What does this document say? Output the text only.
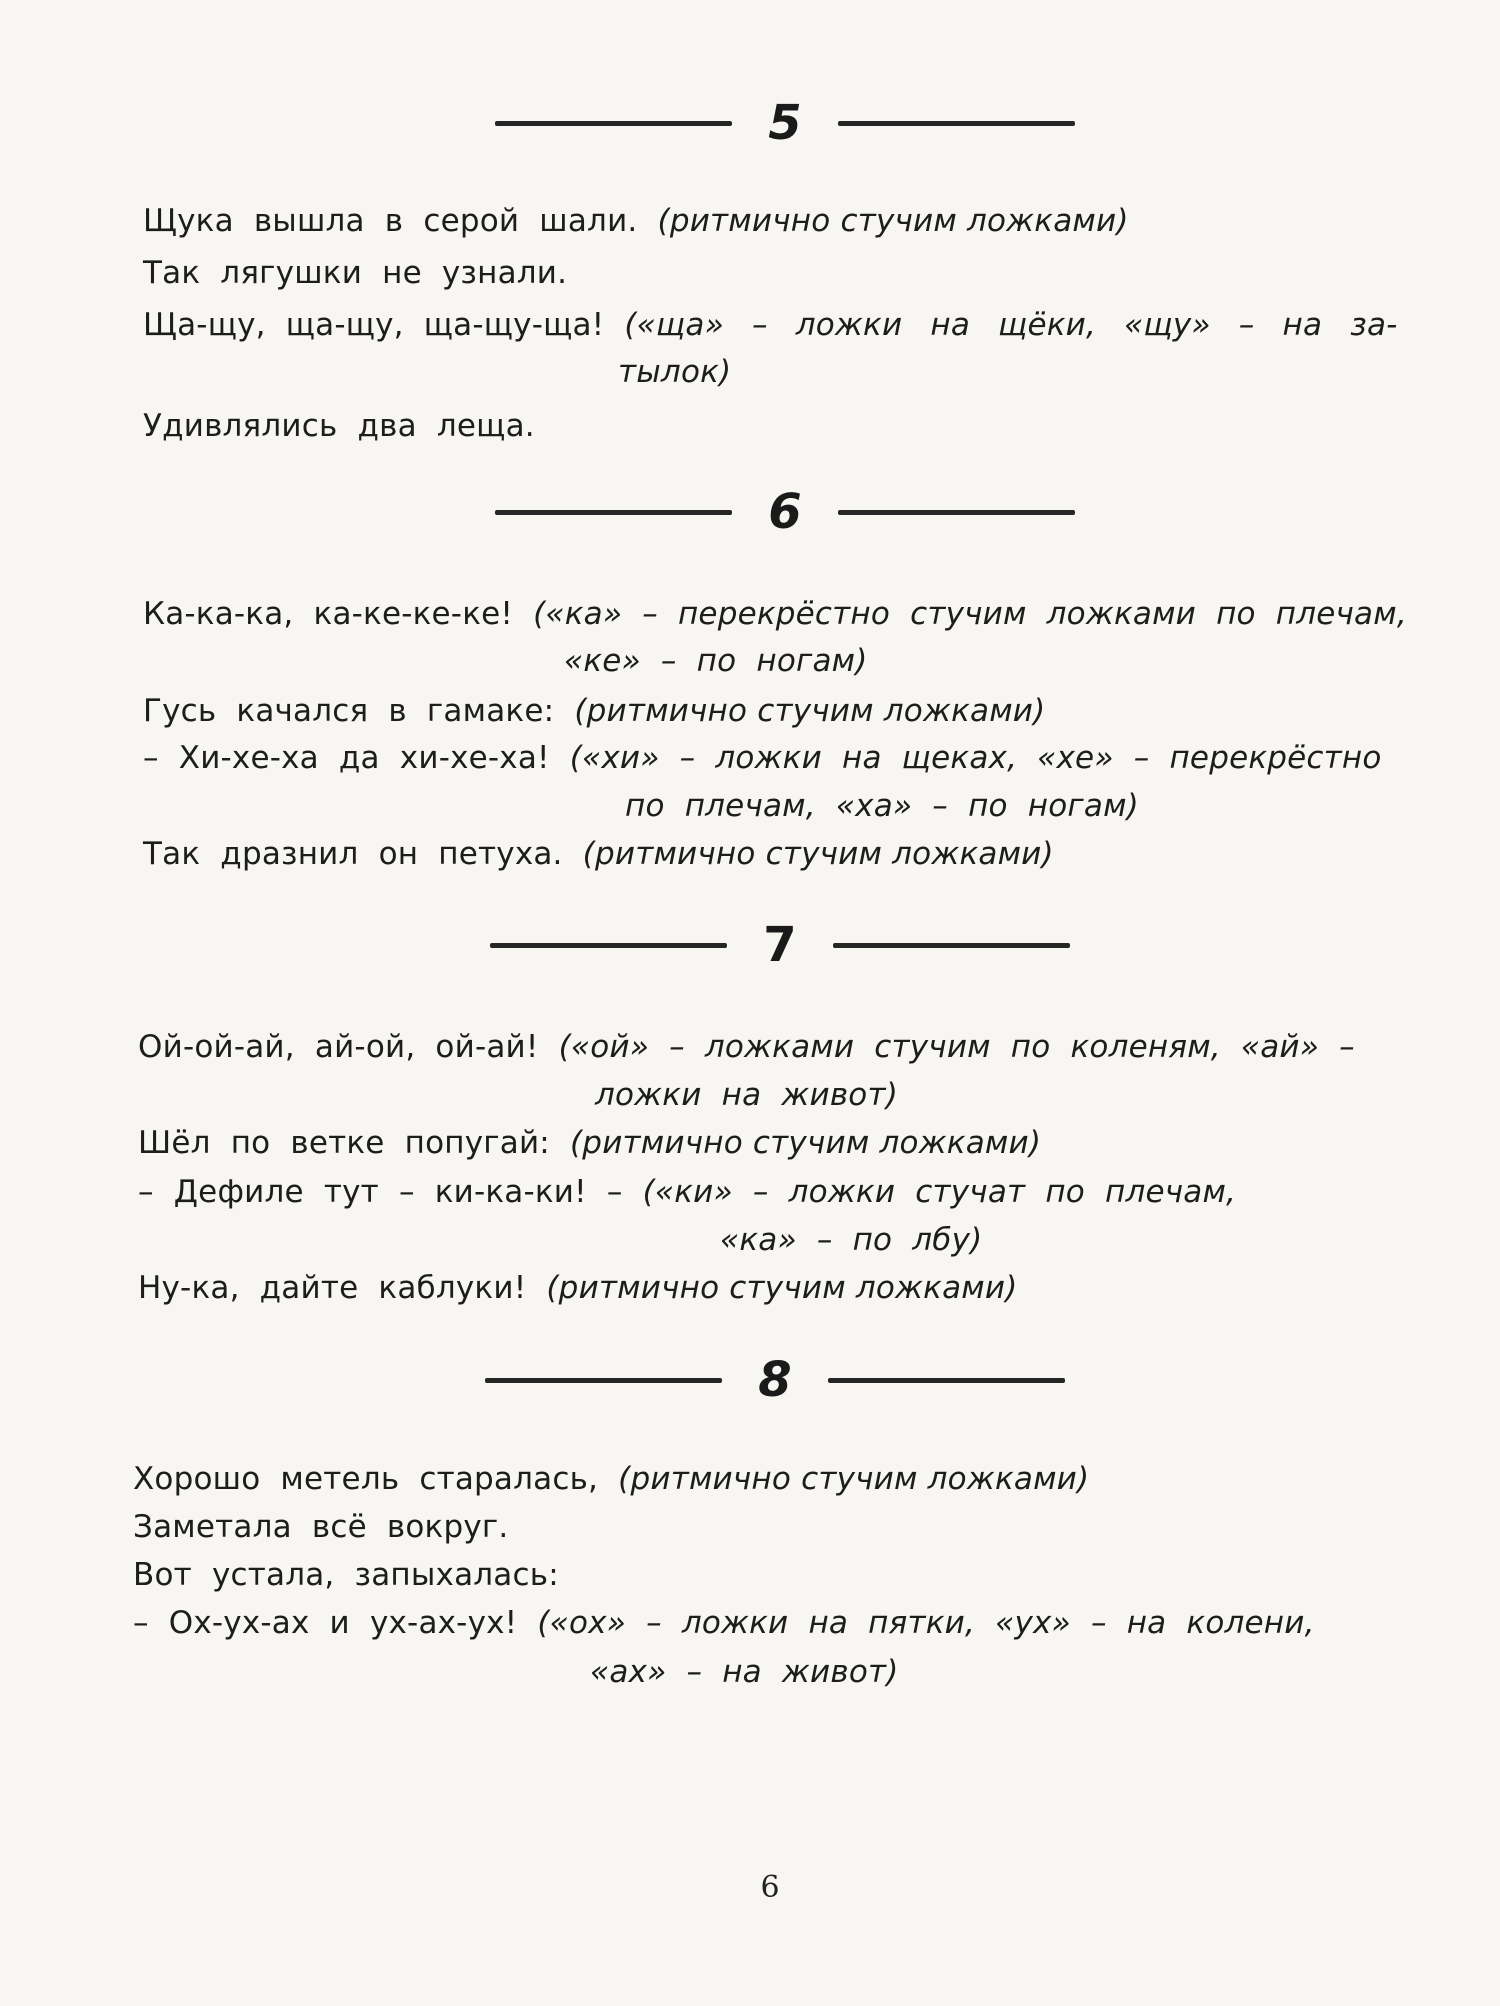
5
Щука вышла в серой шали. (ритмично стучим ложками)
Так лягушки не узнали.
Ща-щу, ща-щу, ща-щу-ща! («ща» – ложки на щёки, «щу» – на за-
тылок)
Удивлялись два леща.
6
Ка-ка-ка, ка-ке-ке-ке! («ка» – перекрёстно стучим ложками по плечам,
«ке» – по ногам)
Гусь качался в гамаке: (ритмично стучим ложками)
– Хи-хе-ха да хи-хе-ха! («хи» – ложки на щеках, «хе» – перекрёстно
по плечам, «ха» – по ногам)
Так дразнил он петуха. (ритмично стучим ложками)
7
Ой-ой-ай, ай-ой, ой-ай! («ой» – ложками стучим по коленям, «ай» –
ложки на живот)
Шёл по ветке попугай: (ритмично стучим ложками)
– Дефиле тут – ки-ка-ки! – («ки» – ложки стучат по плечам,
«ка» – по лбу)
Ну-ка, дайте каблуки! (ритмично стучим ложками)
8
Хорошо метель старалась, (ритмично стучим ложками)
Заметала всё вокруг.
Вот устала, запыхалась:
– Ох-ух-ах и ух-ах-ух! («ох» – ложки на пятки, «ух» – на колени,
«ах» – на живот)
6
